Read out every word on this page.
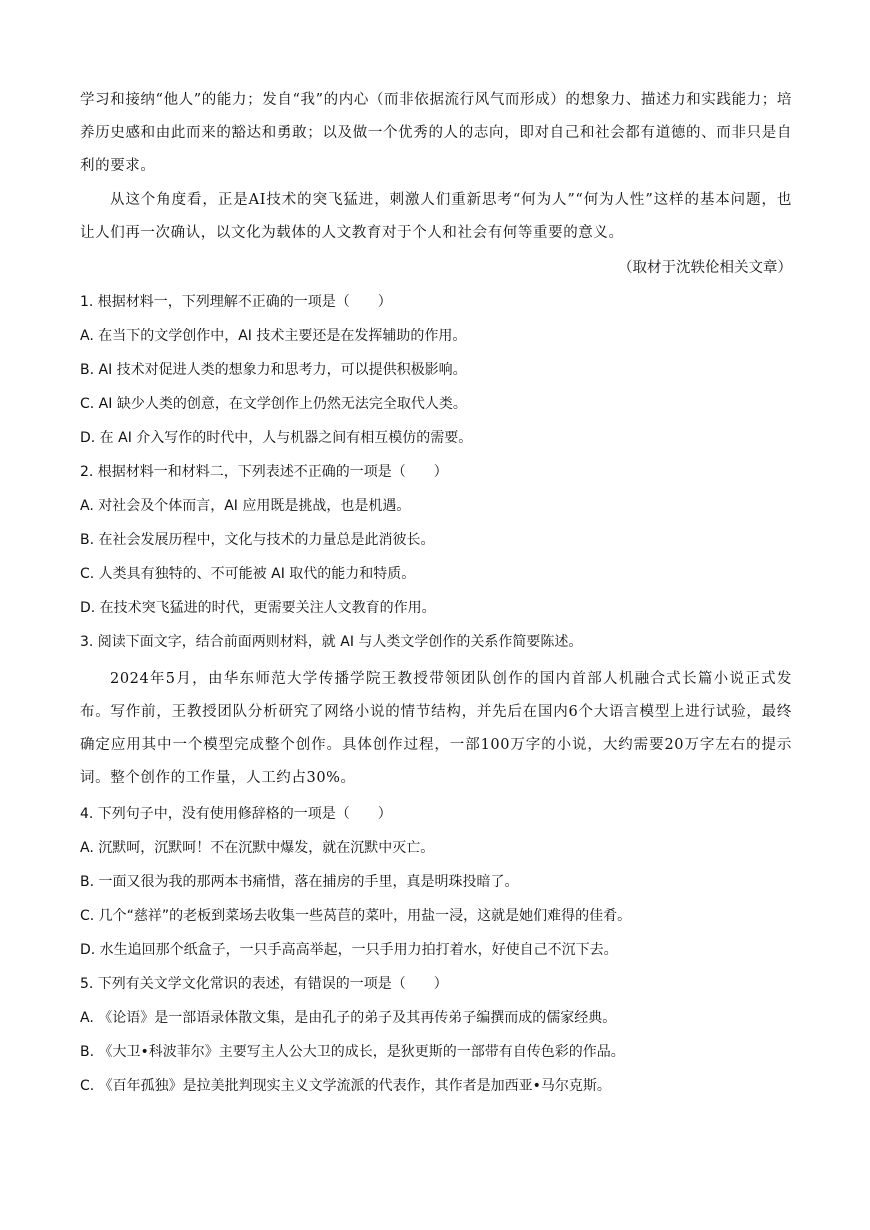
学习和接纳“他人”的能力；发自“我”的内心（而非依据流行风气而形成）的想象力、描述力和实践能力；培养历史感和由此而来的豁达和勇敢；以及做一个优秀的人的志向，即对自己和社会都有道德的、而非只是自利的要求。

从这个角度看，正是AI技术的突飞猛进，刺激人们重新思考“何为人”“何为人性”这样的基本问题，也让人们再一次确认，以文化为载体的人文教育对于个人和社会有何等重要的意义。

（取材于沈轶伦相关文章）

1. 根据材料一，下列理解不正确的一项是（　　）

A. 在当下的文学创作中，AI 技术主要还是在发挥辅助的作用。

B. AI 技术对促进人类的想象力和思考力，可以提供积极影响。

C. AI 缺少人类的创意，在文学创作上仍然无法完全取代人类。

D. 在 AI 介入写作的时代中，人与机器之间有相互模仿的需要。

2. 根据材料一和材料二，下列表述不正确的一项是（　　）

A. 对社会及个体而言，AI 应用既是挑战，也是机遇。

B. 在社会发展历程中，文化与技术的力量总是此消彼长。

C. 人类具有独特的、不可能被 AI 取代的能力和特质。

D. 在技术突飞猛进的时代，更需要关注人文教育的作用。

3. 阅读下面文字，结合前面两则材料，就 AI 与人类文学创作的关系作简要陈述。

2024年5月，由华东师范大学传播学院王教授带领团队创作的国内首部人机融合式长篇小说正式发布。写作前，王教授团队分析研究了网络小说的情节结构，并先后在国内6个大语言模型上进行试验，最终确定应用其中一个模型完成整个创作。具体创作过程，一部100万字的小说，大约需要20万字左右的提示词。整个创作的工作量，人工约占30%。

4. 下列句子中，没有使用修辞格的一项是（　　）

A. 沉默呵，沉默呵！不在沉默中爆发，就在沉默中灭亡。

B. 一面又很为我的那两本书痛惜，落在捕房的手里，真是明珠投暗了。

C. 几个“慈祥”的老板到菜场去收集一些莴苣的菜叶，用盐一浸，这就是她们难得的佳肴。

D. 水生追回那个纸盒子，一只手高高举起，一只手用力拍打着水，好使自己不沉下去。

5. 下列有关文学文化常识的表述，有错误的一项是（　　）

A. 《论语》是一部语录体散文集，是由孔子的弟子及其再传弟子编撰而成的儒家经典。

B. 《大卫•科波菲尔》主要写主人公大卫的成长，是狄更斯的一部带有自传色彩的作品。

C. 《百年孤独》是拉美批判现实主义文学流派的代表作，其作者是加西亚•马尔克斯。
